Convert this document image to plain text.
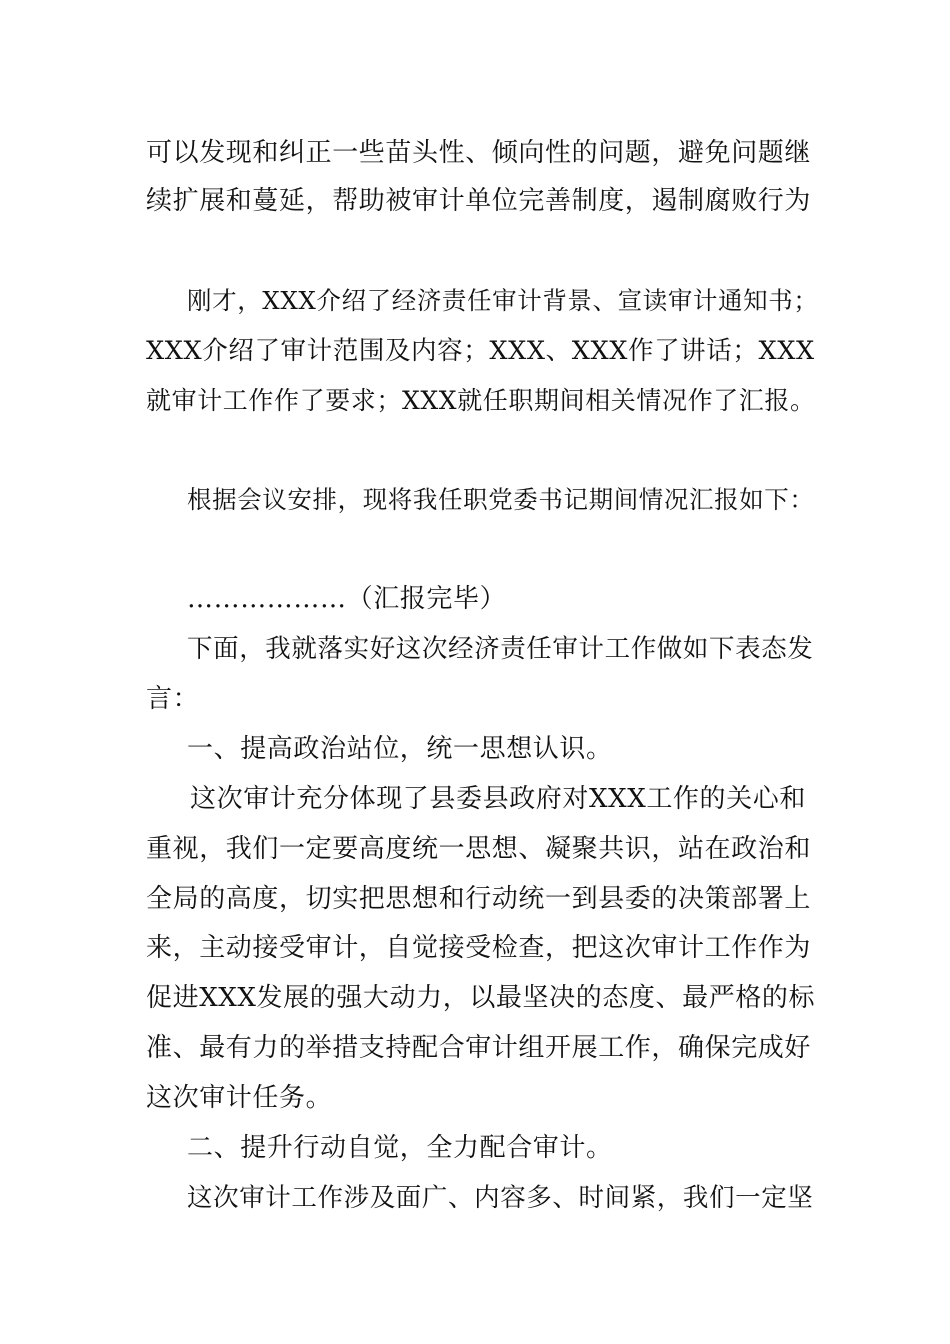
可以发现和纠正一些苗头性、倾向性的问题，避免问题继
续扩展和蔓延，帮助被审计单位完善制度，遏制腐败行为
刚才，XXX介绍了经济责任审计背景、宣读审计通知书；
XXX介绍了审计范围及内容；XXX、XXX作了讲话；XXX
就审计工作作了要求；XXX就任职期间相关情况作了汇报。
根据会议安排，现将我任职党委书记期间情况汇报如下：
………………（汇报完毕）
下面，我就落实好这次经济责任审计工作做如下表态发
言：
一、提高政治站位，统一思想认识。
这次审计充分体现了县委县政府对XXX工作的关心和
重视，我们一定要高度统一思想、凝聚共识，站在政治和
全局的高度，切实把思想和行动统一到县委的决策部署上
来，主动接受审计，自觉接受检查，把这次审计工作作为
促进XXX发展的强大动力，以最坚决的态度、最严格的标
准、最有力的举措支持配合审计组开展工作，确保完成好
这次审计任务。
二、提升行动自觉，全力配合审计。
这次审计工作涉及面广、内容多、时间紧，我们一定坚
